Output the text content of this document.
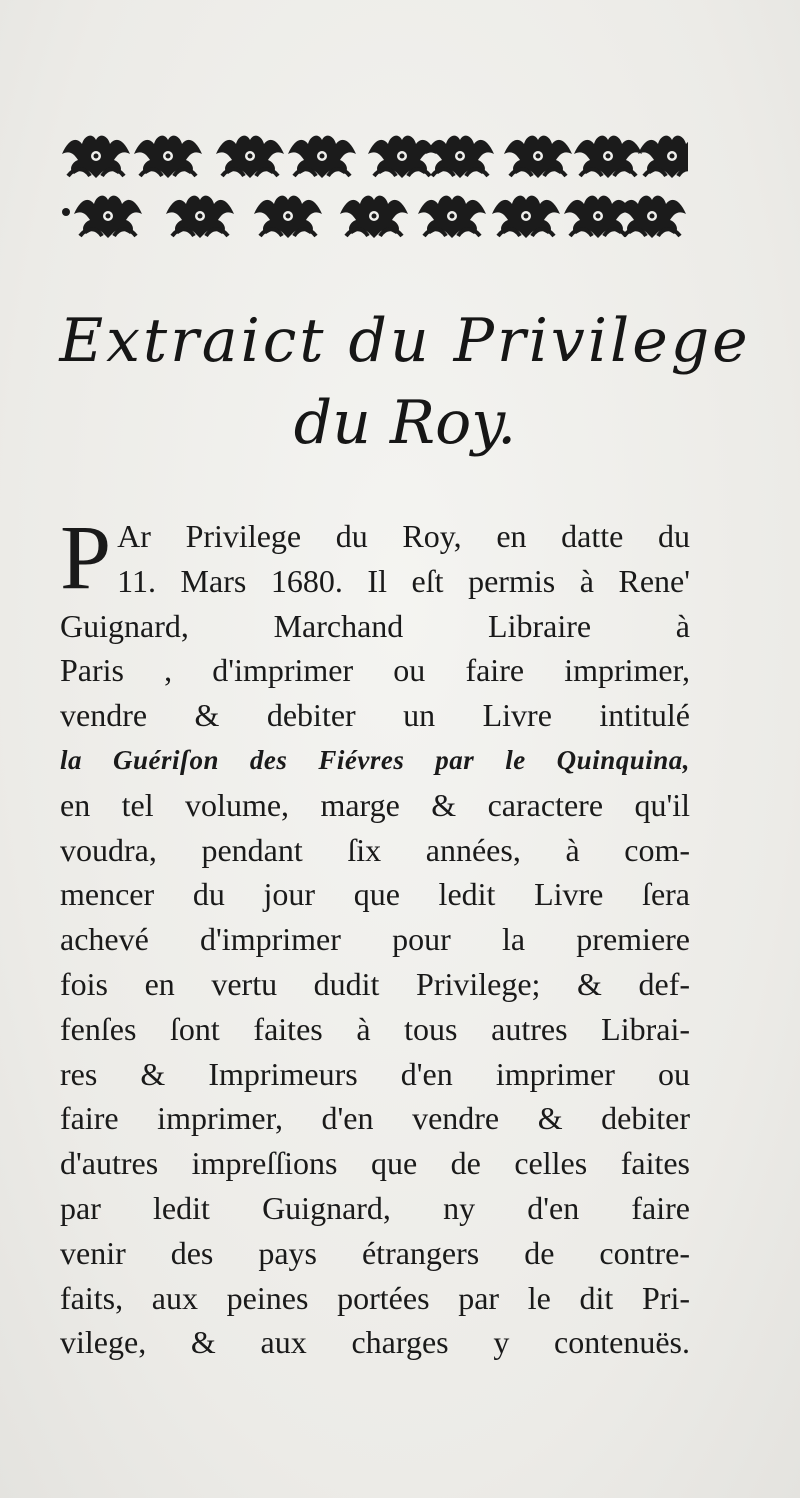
Extraict du Privilege
du Roy.
P Ar Privilege du Roy, en datte du
11. Mars 1680. Il eſt permis à Rene'
Guignard, Marchand Libraire à
Paris , d'imprimer ou faire imprimer,
vendre & debiter un Livre intitulé
la Guériſon des Fiévres par le Quinquina,
en tel volume, marge & caractere qu'il
voudra, pendant ſix années, à com-
mencer du jour que ledit Livre ſera
achevé d'imprimer pour la premiere
fois en vertu dudit Privilege; & def-
fenſes ſont faites à tous autres Librai-
res & Imprimeurs d'en imprimer ou
faire imprimer, d'en vendre & debiter
d'autres impreſſions que de celles faites
par ledit Guignard, ny d'en faire
venir des pays étrangers de contre-
faits, aux peines portées par le dit Pri-
vilege, & aux charges y contenuës.
